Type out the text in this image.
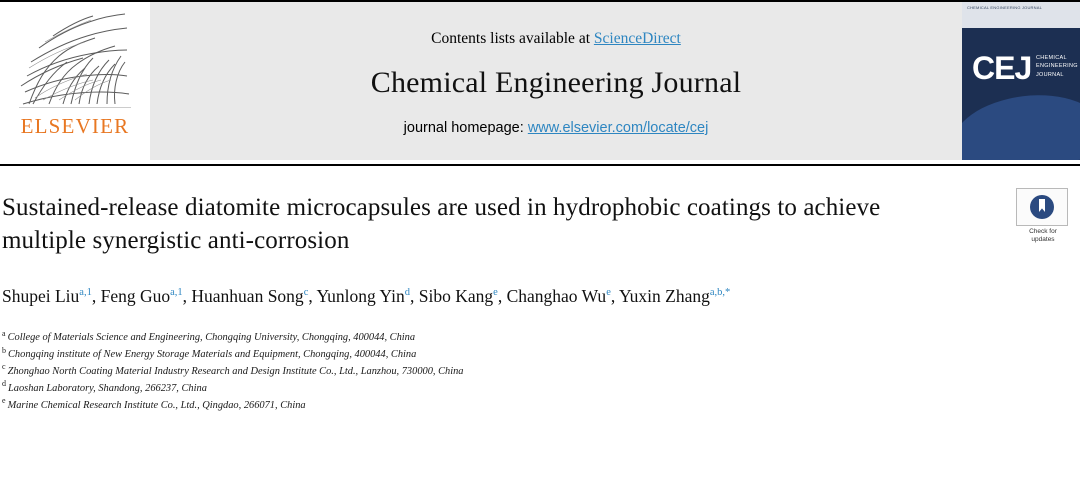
ELSEVIER
Contents lists available at ScienceDirect
Chemical Engineering Journal
journal homepage: www.elsevier.com/locate/cej
CHEMICAL ENGINEERING JOURNAL
CEJ CHEMICAL ENGINEERING JOURNAL
Check for
updates
Sustained-release diatomite microcapsules are used in hydrophobic coatings to achieve multiple synergistic anti-corrosion
Shupei Liu$^{a,1}$, Feng Guo$^{a,1}$, Huanhuan Song$^c$, Yunlong Yin$^d$, Sibo Kang$^e$, Changhao Wu$^e$, Yuxin Zhang$^{a,b,*}$
$^a$ College of Materials Science and Engineering, Chongqing University, Chongqing, 400044, China
$^b$ Chongqing institute of New Energy Storage Materials and Equipment, Chongqing, 400044, China
$^c$ Zhonghao North Coating Material Industry Research and Design Institute Co., Ltd., Lanzhou, 730000, China
$^d$ Laoshan Laboratory, Shandong, 266237, China
$^e$ Marine Chemical Research Institute Co., Ltd., Qingdao, 266071, China
